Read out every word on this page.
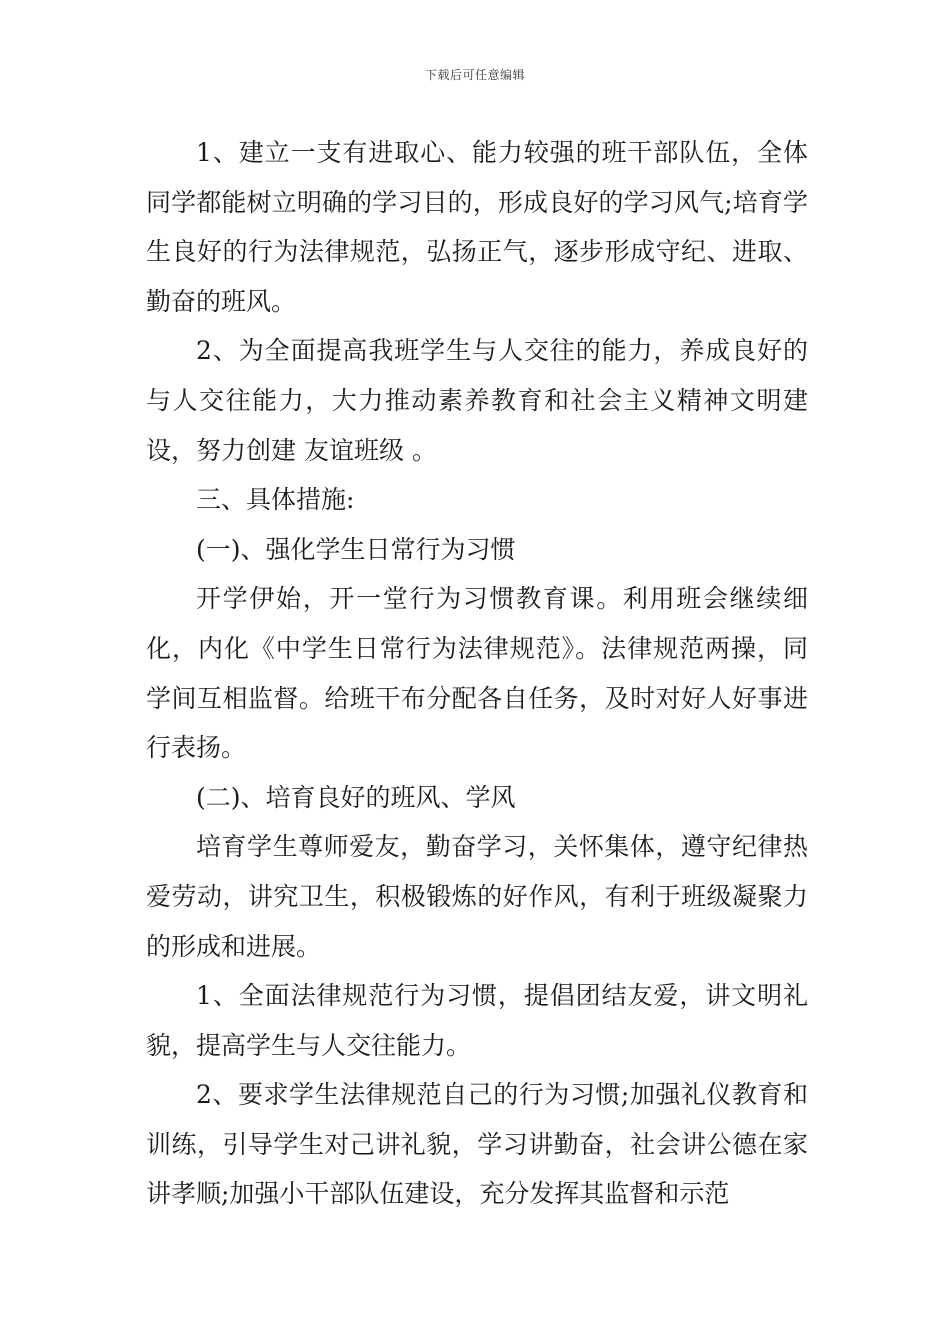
下载后可任意编辑

1、建立一支有进取心、能力较强的班干部队伍，全体同学都能树立明确的学习目的，形成良好的学习风气;培育学生良好的行为法律规范，弘扬正气，逐步形成守纪、进取、勤奋的班风。

2、为全面提高我班学生与人交往的能力，养成良好的与人交往能力，大力推动素养教育和社会主义精神文明建设，努力创建 友谊班级 。

三、具体措施:

(一)、强化学生日常行为习惯

开学伊始，开一堂行为习惯教育课。利用班会继续细化，内化《中学生日常行为法律规范》。法律规范两操，同学间互相监督。给班干布分配各自任务，及时对好人好事进行表扬。

(二)、培育良好的班风、学风

培育学生尊师爱友，勤奋学习，关怀集体，遵守纪律热爱劳动，讲究卫生，积极锻炼的好作风，有利于班级凝聚力的形成和进展。

1、全面法律规范行为习惯，提倡团结友爱，讲文明礼貌，提高学生与人交往能力。

2、要求学生法律规范自己的行为习惯;加强礼仪教育和训练，引导学生对己讲礼貌，学习讲勤奋，社会讲公德在家讲孝顺;加强小干部队伍建设，充分发挥其监督和示范
